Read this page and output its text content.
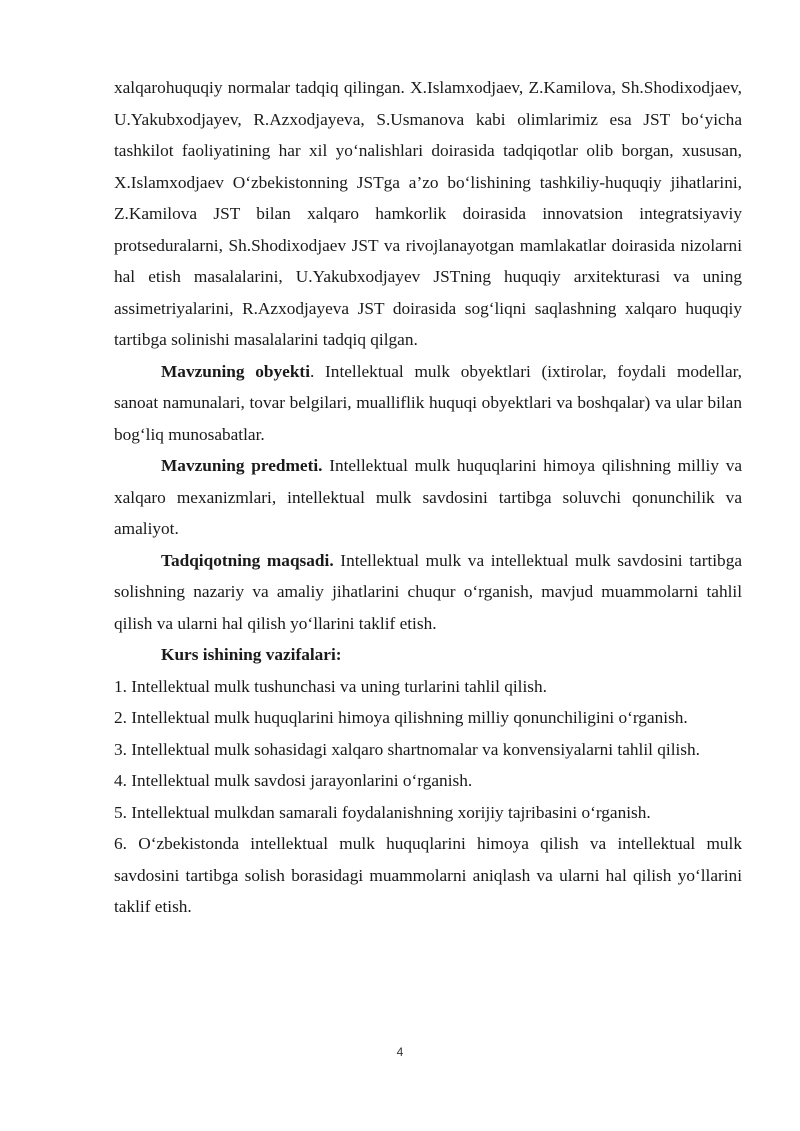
xalqarohuquqiy normalar tadqiq qilingan. X.Islamxodjaev, Z.Kamilova, Sh.Shodixodjaev, U.Yakubxodjayev, R.Azxodjayeva, S.Usmanova kabi olimlarimiz esa JST bo‘yicha tashkilot faoliyatining har xil yo‘nalishlari doirasida tadqiqotlar olib borgan, xususan, X.Islamxodjaev O‘zbekistonning JSTga a’zo bo‘lishining tashkiliy-huquqiy jihatlarini, Z.Kamilova JST bilan xalqaro hamkorlik doirasida innovatsion integratsiyaviy protseduralarni, Sh.Shodixodjaev JST va rivojlanayotgan mamlakatlar doirasida nizolarni hal etish masalalarini, U.Yakubxodjayev JSTning huquqiy arxitekturasi va uning assimetriyalarini, R.Azxodjayeva JST doirasida sog‘liqni saqlashning xalqaro huquqiy tartibga solinishi masalalarini tadqiq qilgan.

Mavzuning obyekti. Intellektual mulk obyektlari (ixtirolar, foydali modellar, sanoat namunalari, tovar belgilari, mualliflik huquqi obyektlari va boshqalar) va ular bilan bog‘liq munosabatlar.

Mavzuning predmeti. Intellektual mulk huquqlarini himoya qilishning milliy va xalqaro mexanizmlari, intellektual mulk savdosini tartibga soluvchi qonunchilik va amaliyot.

Tadqiqotning maqsadi. Intellektual mulk va intellektual mulk savdosini tartibga solishning nazariy va amaliy jihatlarini chuqur o‘rganish, mavjud muammolarni tahlil qilish va ularni hal qilish yo‘llarini taklif etish.

Kurs ishining vazifalari:

1. Intellektual mulk tushunchasi va uning turlarini tahlil qilish.

2. Intellektual mulk huquqlarini himoya qilishning milliy qonunchiligini o‘rganish.

3. Intellektual mulk sohasidagi xalqaro shartnomalar va konvensiyalarni tahlil qilish.

4. Intellektual mulk savdosi jarayonlarini o‘rganish.

5. Intellektual mulkdan samarali foydalanishning xorijiy tajribasini o‘rganish.

6. O‘zbekistonda intellektual mulk huquqlarini himoya qilish va intellektual mulk savdosini tartibga solish borasidagi muammolarni aniqlash va ularni hal qilish yo‘llarini taklif etish.

4
